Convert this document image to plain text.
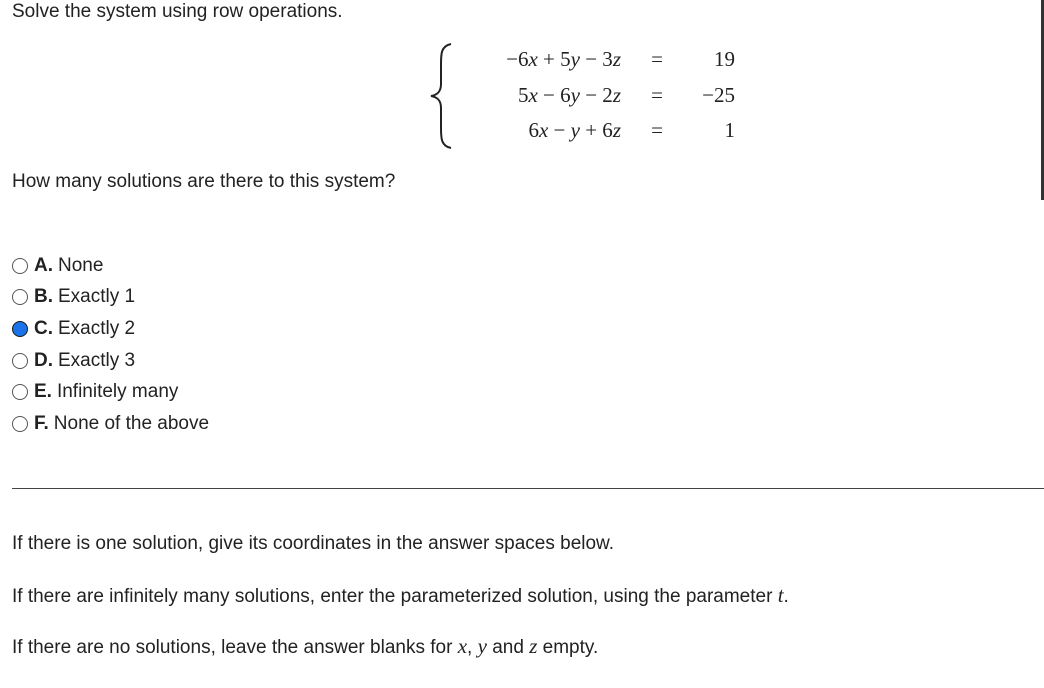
Solve the system using row operations.
−6x + 5y − 3z =	19
5x − 6y − 2z =	−25
6x − y + 6z =	1
How many solutions are there to this system?
A. None
B. Exactly 1
C. Exactly 2
D. Exactly 3
E. Infinitely many
F. None of the above
If there is one solution, give its coordinates in the answer spaces below.
If there are infinitely many solutions, enter the parameterized solution, using the parameter t.
If there are no solutions, leave the answer blanks for x, y and z empty.
